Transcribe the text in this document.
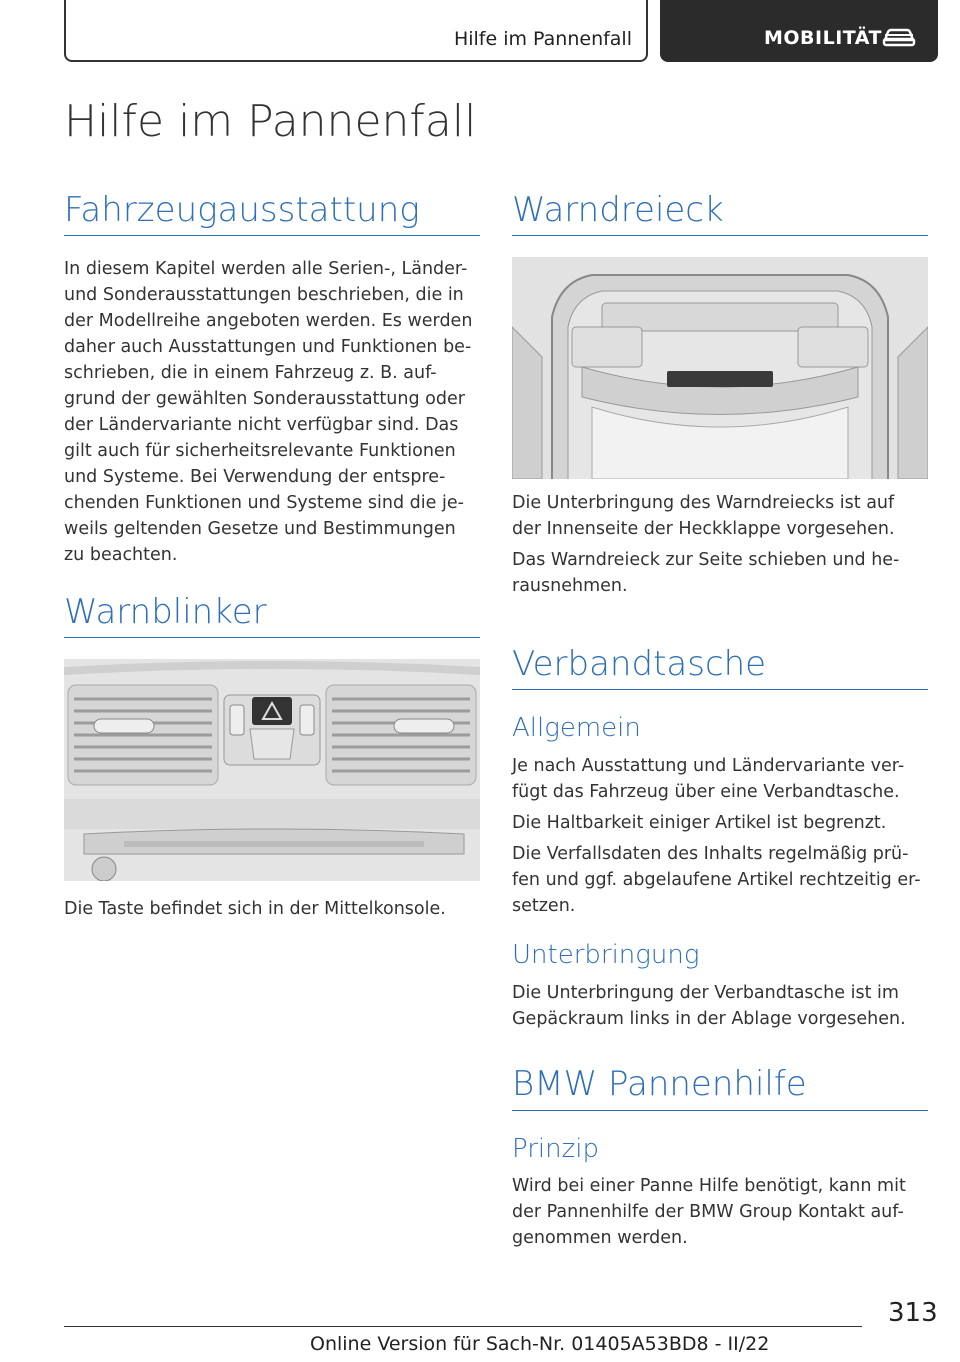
Hilfe im Pannenfall	MOBILITÄT
Hilfe im Pannenfall
Fahrzeugausstattung
In diesem Kapitel werden alle Serien-, Länder-
und Sonderausstattungen beschrieben, die in
der Modellreihe angeboten werden. Es werden
daher auch Ausstattungen und Funktionen be-
schrieben, die in einem Fahrzeug z. B. auf-
grund der gewählten Sonderausstattung oder
der Ländervariante nicht verfügbar sind. Das
gilt auch für sicherheitsrelevante Funktionen
und Systeme. Bei Verwendung der entspre-
chenden Funktionen und Systeme sind die je-
weils geltenden Gesetze und Bestimmungen
zu beachten.
Warnblinker
Die Taste befindet sich in der Mittelkonsole.
Warndreieck
Die Unterbringung des Warndreiecks ist auf
der Innenseite der Heckklappe vorgesehen.
Das Warndreieck zur Seite schieben und he-
rausnehmen.
Verbandtasche
Allgemein
Je nach Ausstattung und Ländervariante ver-
fügt das Fahrzeug über eine Verbandtasche.
Die Haltbarkeit einiger Artikel ist begrenzt.
Die Verfallsdaten des Inhalts regelmäßig prü-
fen und ggf. abgelaufene Artikel rechtzeitig er-
setzen.
Unterbringung
Die Unterbringung der Verbandtasche ist im
Gepäckraum links in der Ablage vorgesehen.
BMW Pannenhilfe
Prinzip
Wird bei einer Panne Hilfe benötigt, kann mit
der Pannenhilfe der BMW Group Kontakt auf-
genommen werden.
313
Online Version für Sach-Nr. 01405A53BD8 - II/22
